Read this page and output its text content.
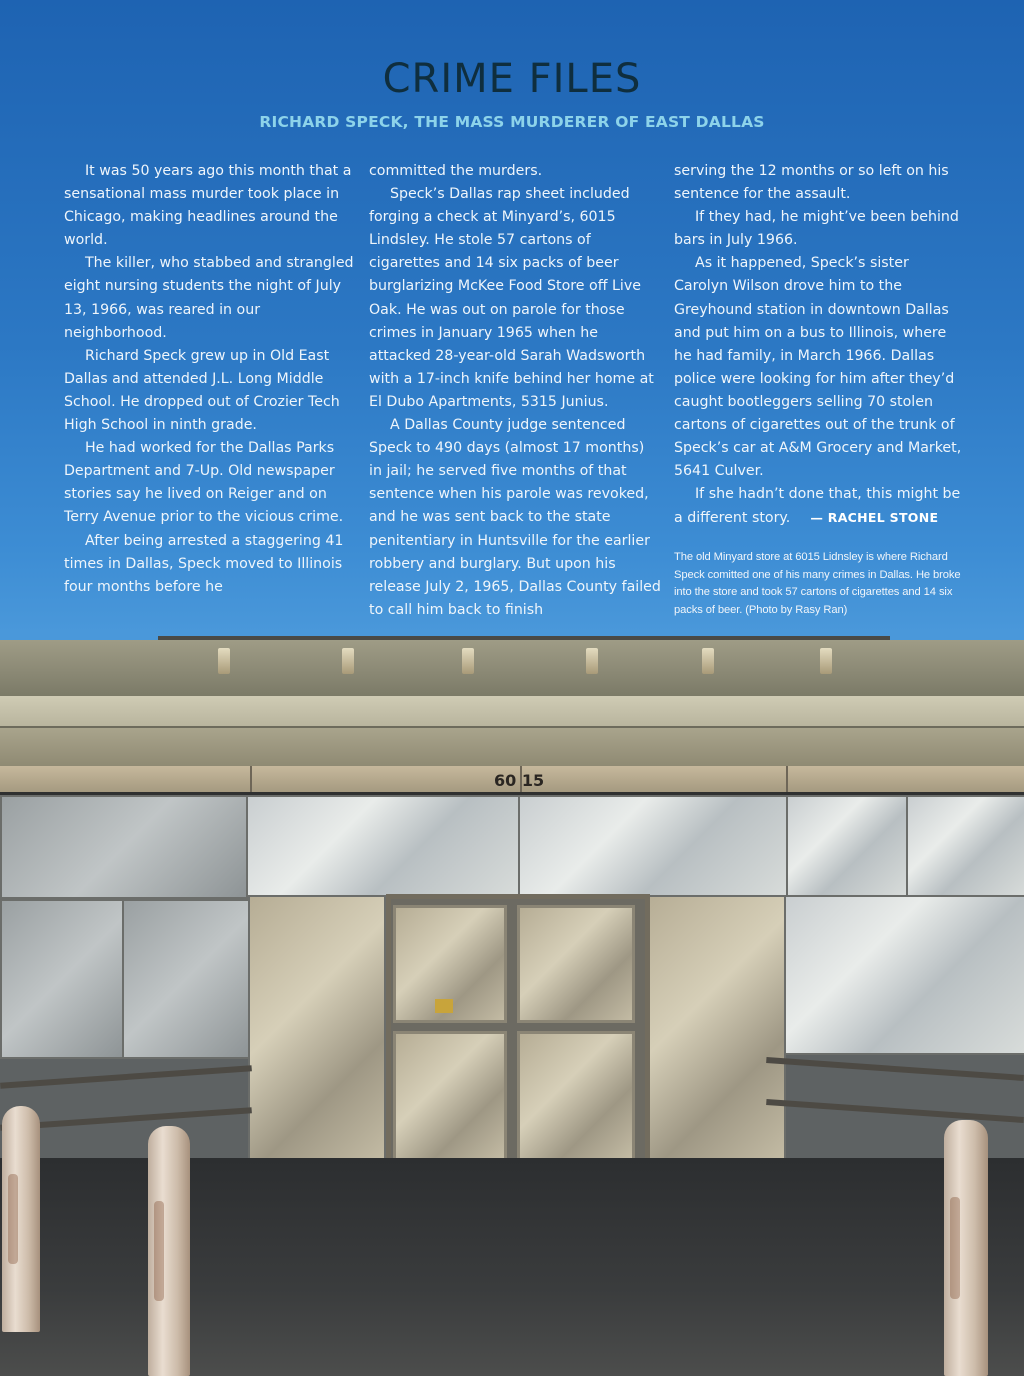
CRIME FILES
RICHARD SPECK, THE MASS MURDERER OF EAST DALLAS

It was 50 years ago this month that a sensational mass murder took place in Chicago, making headlines around the world.

The killer, who stabbed and strangled eight nursing students the night of July 13, 1966, was reared in our neighborhood.

Richard Speck grew up in Old East Dallas and attended J.L. Long Middle School. He dropped out of Crozier Tech High School in ninth grade.

He had worked for the Dallas Parks Department and 7-Up. Old newspaper stories say he lived on Reiger and on Terry Avenue prior to the vicious crime.

After being arrested a staggering 41 times in Dallas, Speck moved to Illinois four months before he

committed the murders.

Speck’s Dallas rap sheet included forging a check at Minyard’s, 6015 Lindsley. He stole 57 cartons of cigarettes and 14 six packs of beer burglarizing McKee Food Store off Live Oak. He was out on parole for those crimes in January 1965 when he attacked 28-year-old Sarah Wadsworth with a 17-inch knife behind her home at El Dubo Apartments, 5315 Junius.

A Dallas County judge sentenced Speck to 490 days (almost 17 months) in jail; he served five months of that sentence when his parole was revoked, and he was sent back to the state penitentiary in Huntsville for the earlier robbery and burglary. But upon his release July 2, 1965, Dallas County failed to call him back to finish

serving the 12 months or so left on his sentence for the assault.

If they had, he might’ve been behind bars in July 1966.

As it happened, Speck’s sister Carolyn Wilson drove him to the Greyhound station in downtown Dallas and put him on a bus to Illinois, where he had family, in March 1966. Dallas police were looking for him after they’d caught bootleggers selling 70 stolen cartons of cigarettes out of the trunk of Speck’s car at A&M Grocery and Market, 5641 Culver.

If she hadn’t done that, this might be a different story. — RACHEL STONE

The old Minyard store at 6015 Lidnsley is where Richard Speck comitted one of his many crimes in Dallas. He broke into the store and took 57 cartons of cigarettes and 14 six packs of beer. (Photo by Rasy Ran)
60 15
